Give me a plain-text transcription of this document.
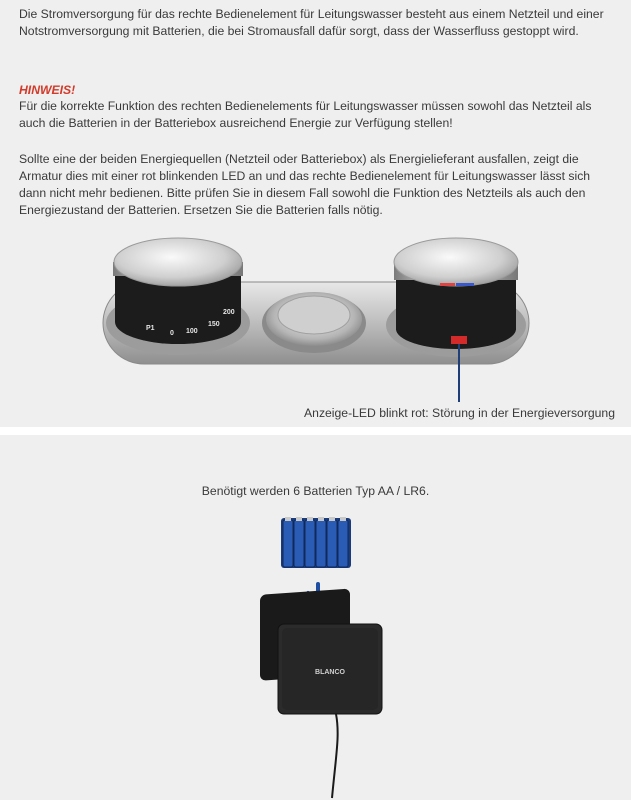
Die Stromversorgung für das rechte Bedienelement für Leitungswasser besteht aus einem Netzteil und einer Notstromversorgung mit Batterien, die bei Stromausfall dafür sorgt, dass der Wasserfluss gestoppt wird.
HINWEIS!
Für die korrekte Funktion des rechten Bedienelements für Leitungswasser müssen sowohl das Netzteil als auch die Batterien in der Batteriebox ausreichend Energie zur Verfügung stellen!
Sollte eine der beiden Energiequellen (Netzteil oder Batteriebox) als Energielieferant ausfallen, zeigt die Armatur dies mit einer rot blinkenden LED an und das rechte Bedienelement für Leitungswasser lässt sich dann nicht mehr bedienen. Bitte prüfen Sie in diesem Fall sowohl die Funktion des Netzteils als auch den Energiezustand der Batterien. Ersetzen Sie die Batterien falls nötig.
P1
0 100
150
200
Anzeige-LED blinkt rot: Störung in der Energieversorgung
Benötigt werden 6 Batterien Typ AA / LR6.
BLANCO
